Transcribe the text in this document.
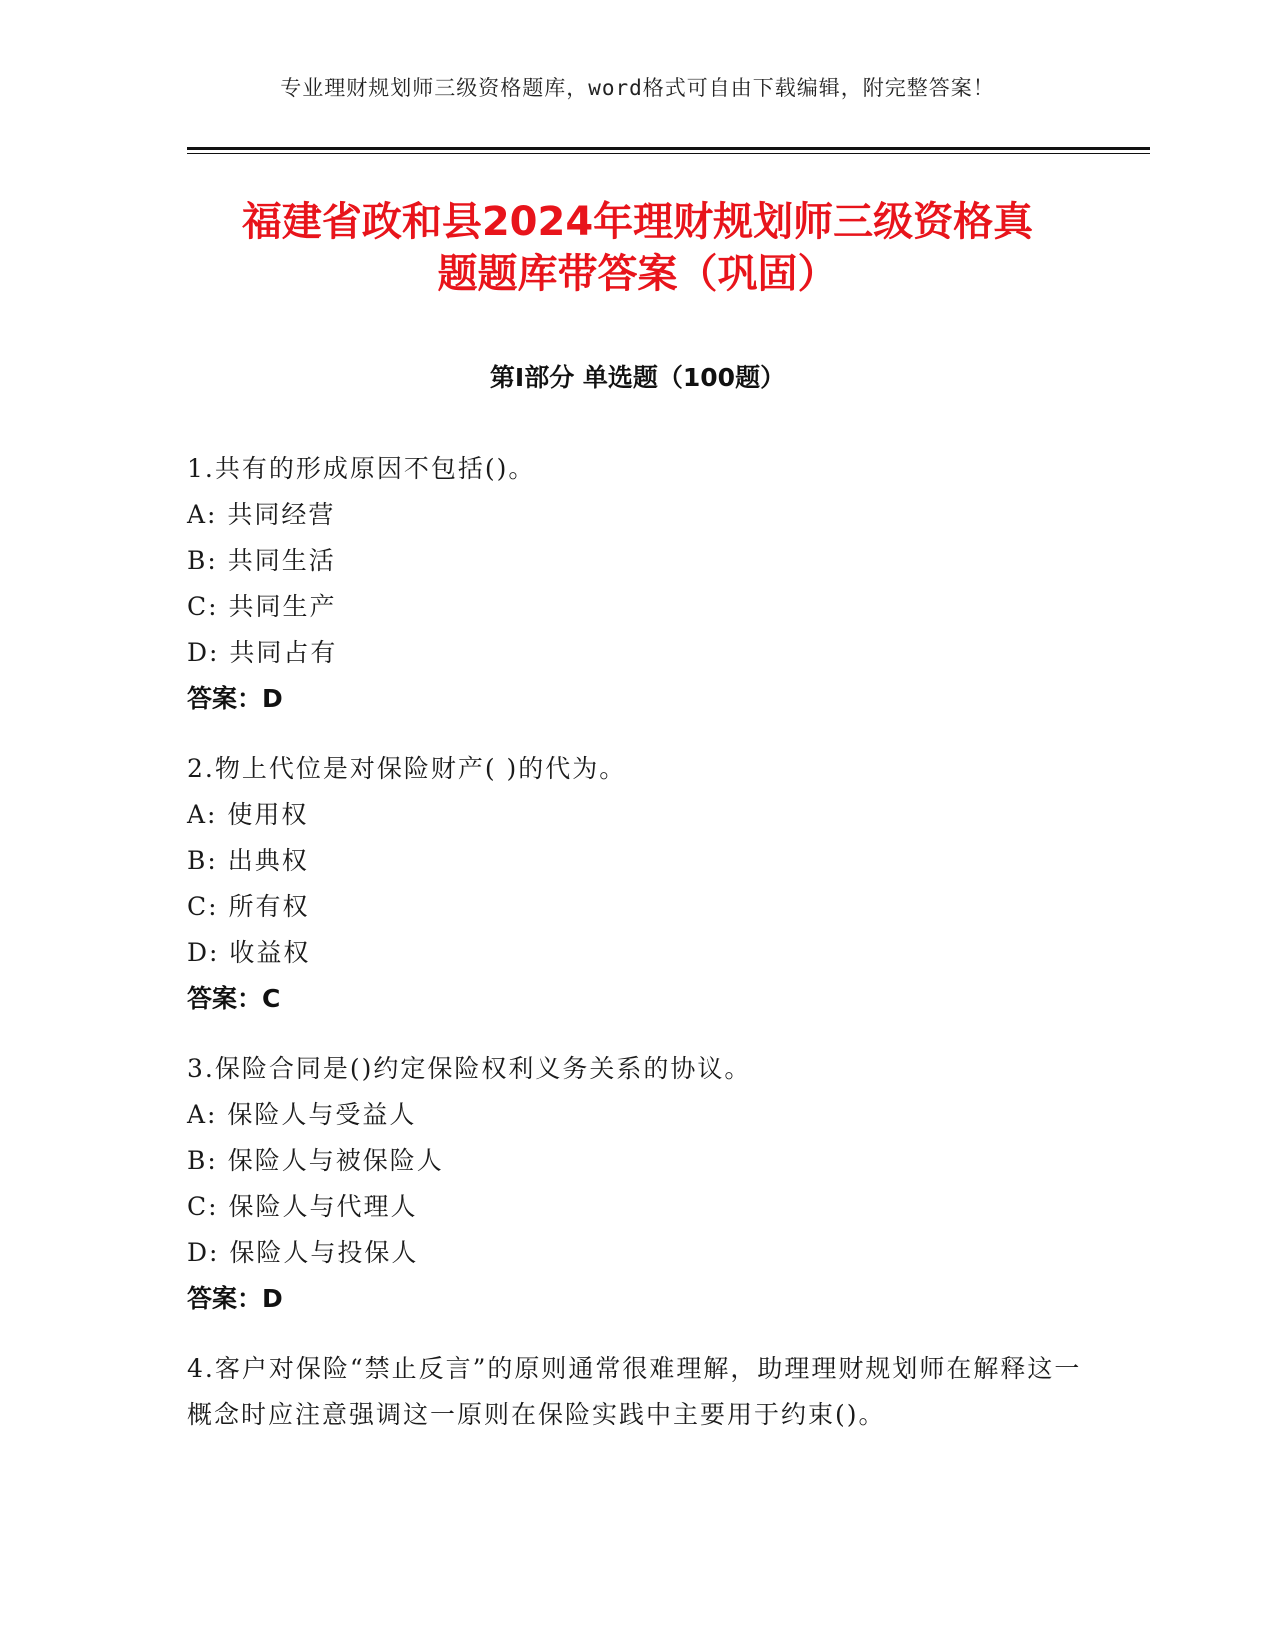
专业理财规划师三级资格题库，word格式可自由下载编辑，附完整答案！
福建省政和县2024年理财规划师三级资格真
题题库带答案（巩固）
第Ⅰ部分 单选题（100题）
1.共有的形成原因不包括()。
A: 共同经营
B: 共同生活
C: 共同生产
D: 共同占有
答案：D
2.物上代位是对保险财产( )的代为。
A: 使用权
B: 出典权
C: 所有权
D: 收益权
答案：C
3.保险合同是()约定保险权利义务关系的协议。
A: 保险人与受益人
B: 保险人与被保险人
C: 保险人与代理人
D: 保险人与投保人
答案：D
4.客户对保险“禁止反言”的原则通常很难理解，助理理财规划师在解释这一概念时应注意强调这一原则在保险实践中主要用于约束()。
